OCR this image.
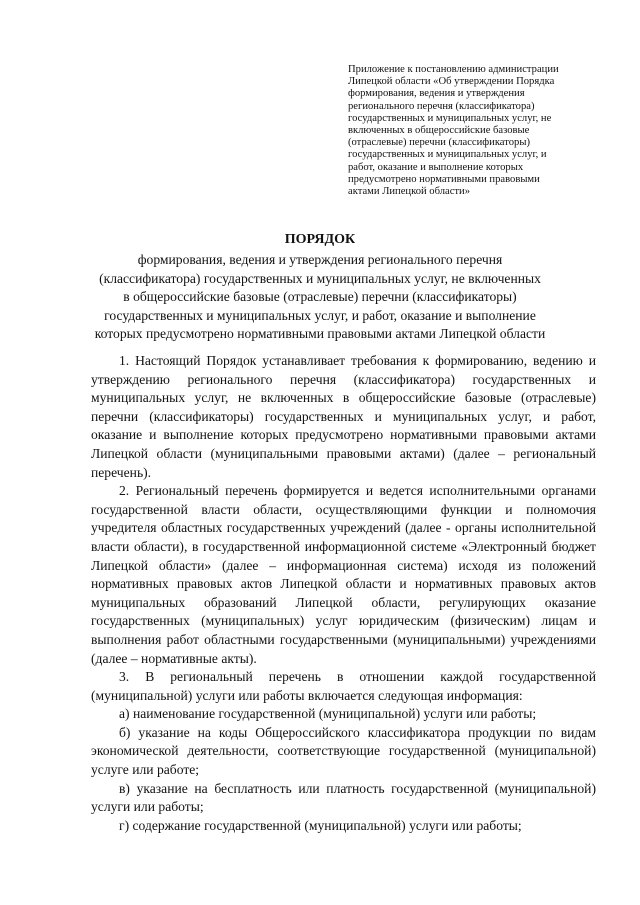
Приложение к постановлению администрации
Липецкой области «Об утверждении Порядка
формирования, ведения и утверждения
регионального перечня (классификатора)
государственных и муниципальных услуг, не
включенных в общероссийские базовые
(отраслевые) перечни (классификаторы)
государственных и муниципальных услуг, и
работ, оказание и выполнение которых
предусмотрено нормативными правовыми
актами Липецкой области»
ПОРЯДОК
формирования, ведения и утверждения регионального перечня
(классификатора) государственных и муниципальных услуг, не включенных
в общероссийские базовые (отраслевые) перечни (классификаторы)
государственных и муниципальных услуг, и работ, оказание и выполнение
которых предусмотрено нормативными правовыми актами Липецкой области

1. Настоящий Порядок устанавливает требования к формированию, ведению и утверждению регионального перечня (классификатора) государственных и муниципальных услуг, не включенных в общероссийские базовые (отраслевые) перечни (классификаторы) государственных и муниципальных услуг, и работ, оказание и выполнение которых предусмотрено нормативными правовыми актами Липецкой области (муниципальными правовыми актами) (далее – региональный перечень).

2. Региональный перечень формируется и ведется исполнительными органами государственной власти области, осуществляющими функции и полномочия учредителя областных государственных учреждений (далее - органы исполнительной власти области), в государственной информационной системе «Электронный бюджет Липецкой области» (далее – информационная система) исходя из положений нормативных правовых актов Липецкой области и нормативных правовых актов муниципальных образований Липецкой области, регулирующих оказание государственных (муниципальных) услуг юридическим (физическим) лицам и выполнения работ областными государственными (муниципальными) учреждениями (далее – нормативные акты).

3. В региональный перечень в отношении каждой государственной (муниципальной) услуги или работы включается следующая информация:

а) наименование государственной (муниципальной) услуги или работы;

б) указание на коды Общероссийского классификатора продукции по видам экономической деятельности, соответствующие государственной (муниципальной) услуге или работе;

в) указание на бесплатность или платность государственной (муниципальной) услуги или работы;

г) содержание государственной (муниципальной) услуги или работы;
